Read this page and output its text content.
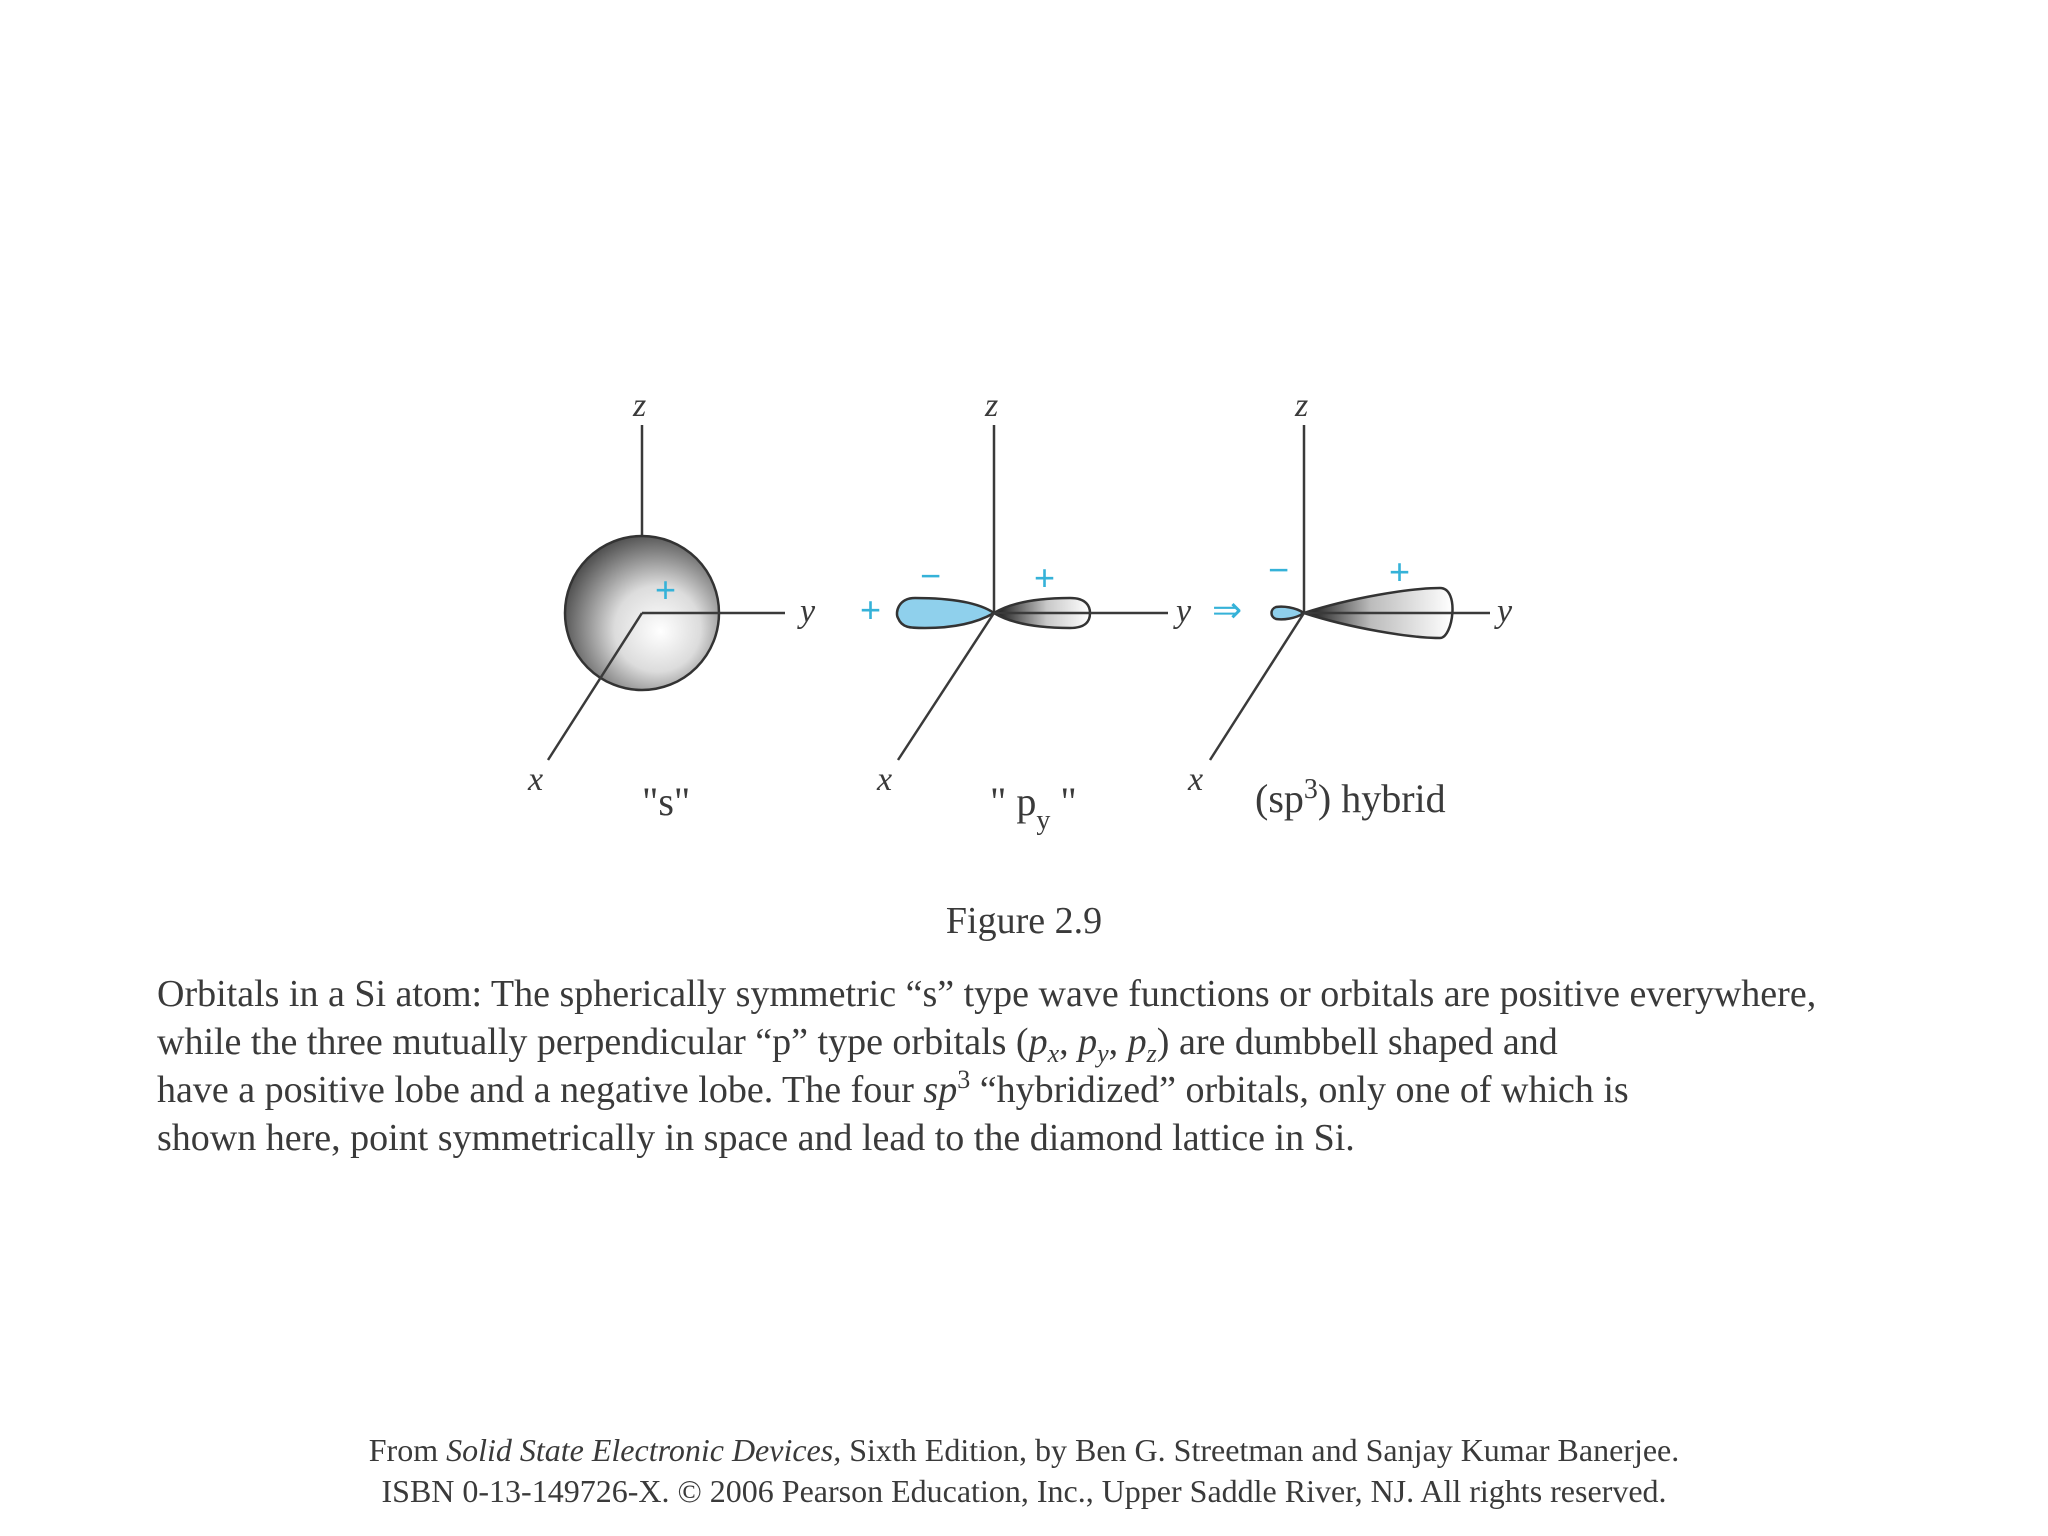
z
y
x
+
"s"
z
y
x
+
−	+
" $p_y$ "
⇒
z
y
x
−	+
$(sp^3)$ hybrid
Figure 2.9

Orbitals in a Si atom: The spherically symmetric “s” type wave functions or orbitals are positive everywhere,

while the three mutually perpendicular “p” type orbitals ($p_x$, $p_y$, $p_z$) are dumbbell shaped and

have a positive lobe and a negative lobe. The four $sp^3$ “hybridized” orbitals, only one of which is

shown here, point symmetrically in space and lead to the diamond lattice in Si.

From Solid State Electronic Devices, Sixth Edition, by Ben G. Streetman and Sanjay Kumar Banerjee.

ISBN 0-13-149726-X. © 2006 Pearson Education, Inc., Upper Saddle River, NJ. All rights reserved.
